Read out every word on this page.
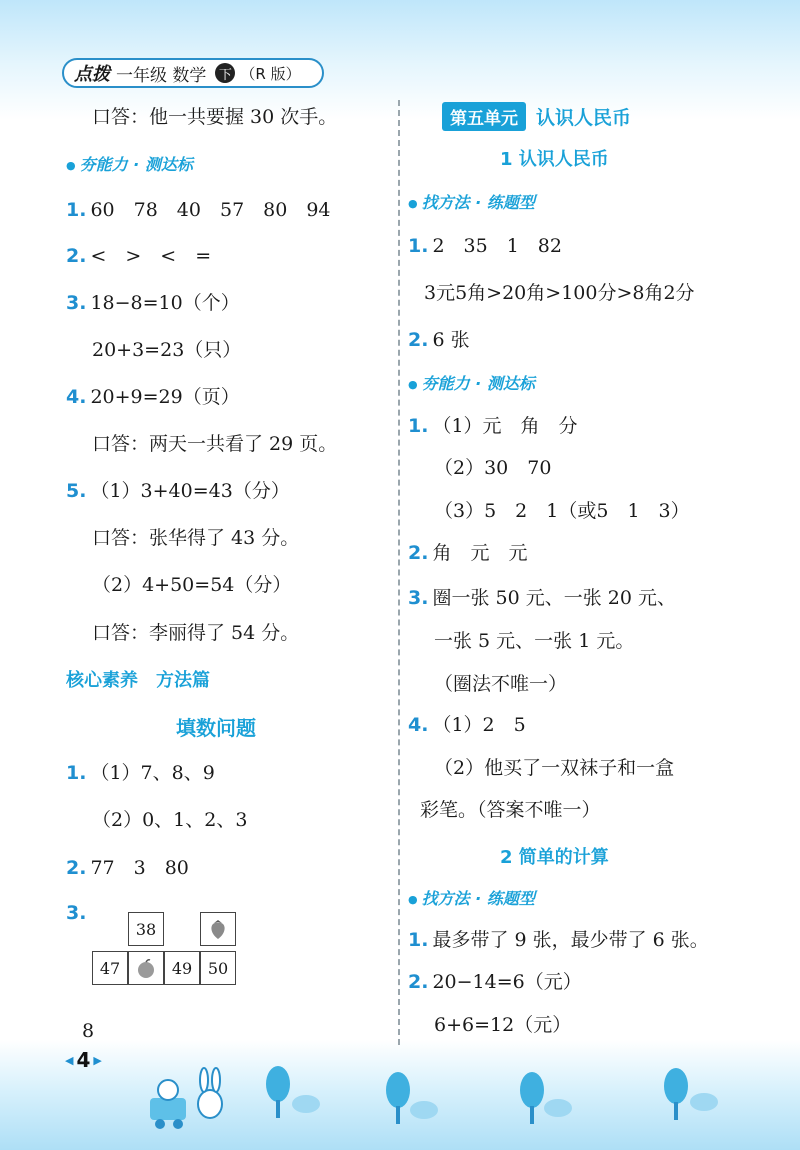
点拨 一年级 数学 下 （R 版）
口答：他一共要握 30 次手。
● 夯能力 · 测达标
1. 60　78　40　57　80　94
2. <　>　<　=
3. 18−8=10（个）
20+3=23（只）
4. 20+9=29（页）
口答：两天一共看了 29 页。
5. （1）3+40=43（分）
口答：张华得了 43 分。
（2）4+50=54（分）
口答：李丽得了 54 分。
核心素养　方法篇
填数问题
1. （1）7、8、9
（2）0、1、2、3
2. 77　3　80
3.
38
47	49 50
8
第五单元 认识人民币
1 认识人民币
● 找方法 · 练题型
1. 2　35　1　82
3元5角>20角>100分>8角2分
2. 6 张
● 夯能力 · 测达标
1. （1）元　角　分
（2）30　70
（3）5　2　1（或5　1　3）
2. 角　元　元
3. 圈一张 50 元、一张 20 元、
一张 5 元、一张 1 元。
（圈法不唯一）
4. （1）2　5
（2）他买了一双袜子和一盒
彩笔。（答案不唯一）
2 简单的计算
● 找方法 · 练题型
1. 最多带了 9 张，最少带了 6 张。
2. 20−14=6（元）
6+6=12（元）
◀ 4 ▶
